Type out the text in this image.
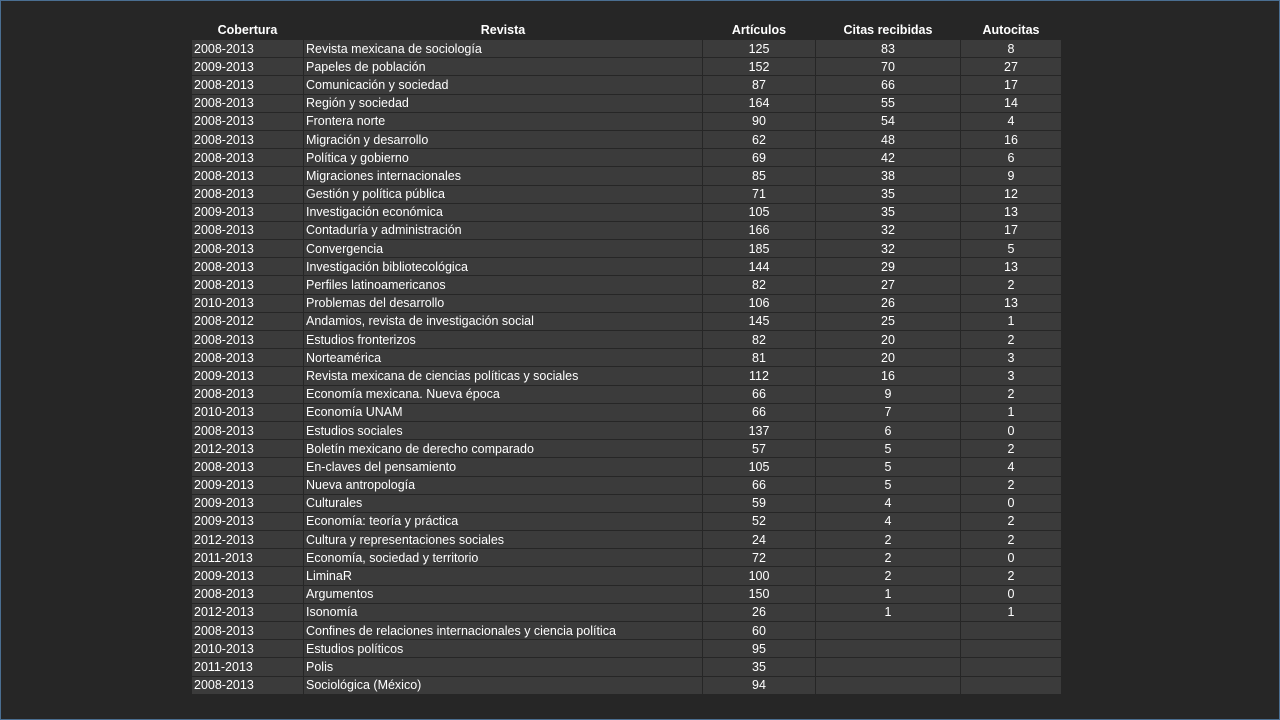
Cobertura	Revista	Artículos	Citas recibidas	Autocitas
2008-2013	Revista mexicana de sociología	125	83	8
2009-2013	Papeles de población	152	70	27
2008-2013	Comunicación y sociedad	87	66	17
2008-2013	Región y sociedad	164	55	14
2008-2013	Frontera norte	90	54	4
2008-2013	Migración y desarrollo	62	48	16
2008-2013	Política y gobierno	69	42	6
2008-2013	Migraciones internacionales	85	38	9
2008-2013	Gestión y política pública	71	35	12
2009-2013	Investigación económica	105	35	13
2008-2013	Contaduría y administración	166	32	17
2008-2013	Convergencia	185	32	5
2008-2013	Investigación bibliotecológica	144	29	13
2008-2013	Perfiles latinoamericanos	82	27	2
2010-2013	Problemas del desarrollo	106	26	13
2008-2012	Andamios, revista de investigación social	145	25	1
2008-2013	Estudios fronterizos	82	20	2
2008-2013	Norteamérica	81	20	3
2009-2013	Revista mexicana de ciencias políticas y sociales	112	16	3
2008-2013	Economía mexicana. Nueva época	66	9	2
2010-2013	Economía UNAM	66	7	1
2008-2013	Estudios sociales	137	6	0
2012-2013	Boletín mexicano de derecho comparado	57	5	2
2008-2013	En-claves del pensamiento	105	5	4
2009-2013	Nueva antropología	66	5	2
2009-2013	Culturales	59	4	0
2009-2013	Economía: teoría y práctica	52	4	2
2012-2013	Cultura y representaciones sociales	24	2	2
2011-2013	Economía, sociedad y territorio	72	2	0
2009-2013	LiminaR	100	2	2
2008-2013	Argumentos	150	1	0
2012-2013	Isonomía	26	1	1
2008-2013	Confines de relaciones internacionales y ciencia política	60		
2010-2013	Estudios políticos	95		
2011-2013	Polis	35		
2008-2013	Sociológica (México)	94		
